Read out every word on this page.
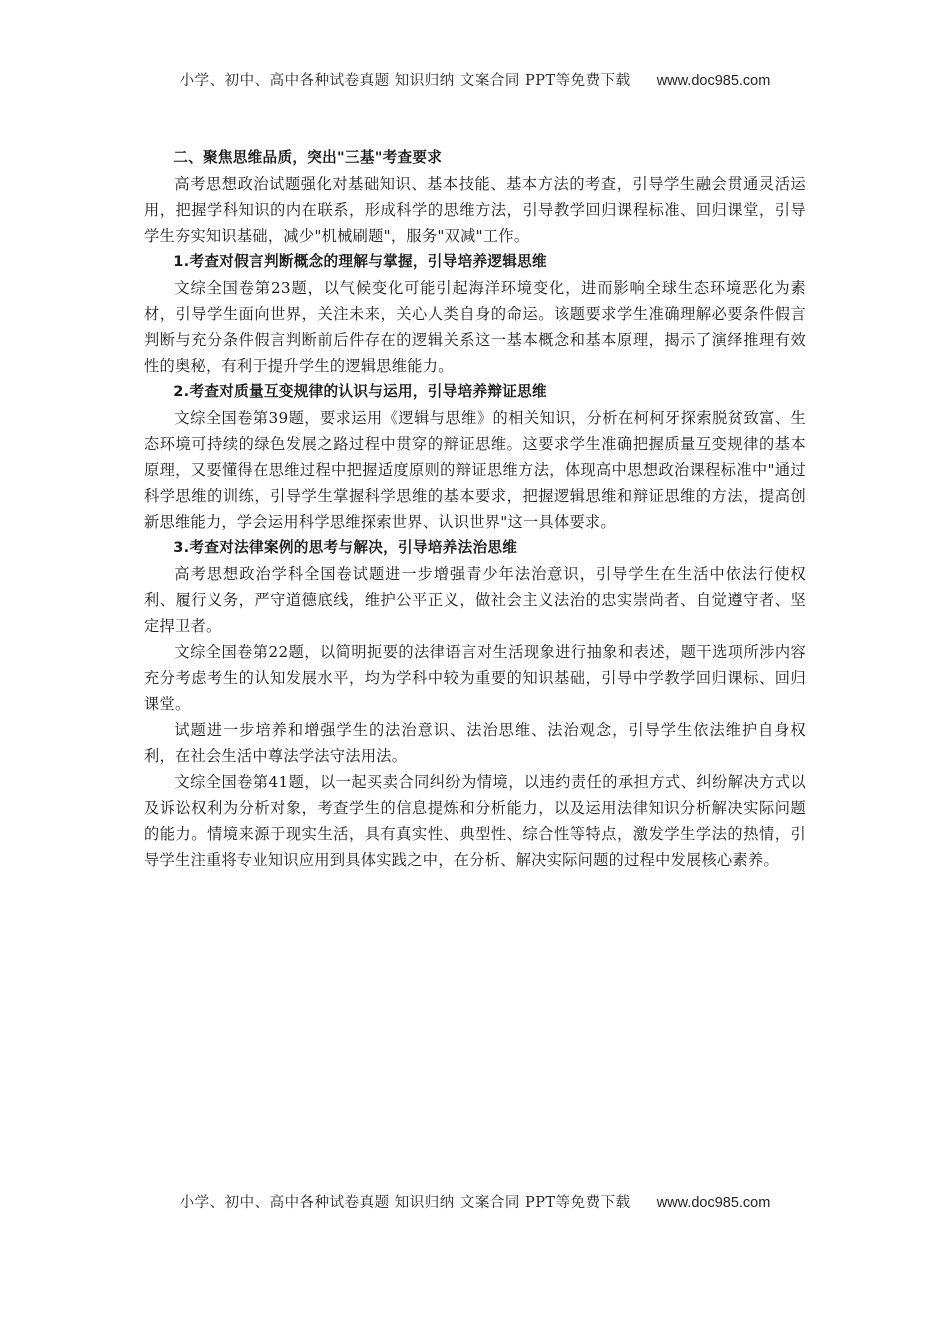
小学、初中、高中各种试卷真题 知识归纳 文案合同 PPT等免费下载 www.doc985.com

二、聚焦思维品质，突出"三基"考查要求

高考思想政治试题强化对基础知识、基本技能、基本方法的考查，引导学生融会贯通灵活运用，把握学科知识的内在联系，形成科学的思维方法，引导教学回归课程标准、回归课堂，引导学生夯实知识基础，减少"机械刷题"，服务"双减"工作。

1.考查对假言判断概念的理解与掌握，引导培养逻辑思维

文综全国卷第23题，以气候变化可能引起海洋环境变化，进而影响全球生态环境恶化为素材，引导学生面向世界，关注未来，关心人类自身的命运。该题要求学生准确理解必要条件假言判断与充分条件假言判断前后件存在的逻辑关系这一基本概念和基本原理，揭示了演绎推理有效性的奥秘，有利于提升学生的逻辑思维能力。

2.考查对质量互变规律的认识与运用，引导培养辩证思维

文综全国卷第39题，要求运用《逻辑与思维》的相关知识，分析在柯柯牙探索脱贫致富、生态环境可持续的绿色发展之路过程中贯穿的辩证思维。这要求学生准确把握质量互变规律的基本原理，又要懂得在思维过程中把握适度原则的辩证思维方法，体现高中思想政治课程标准中"通过科学思维的训练，引导学生掌握科学思维的基本要求，把握逻辑思维和辩证思维的方法，提高创新思维能力，学会运用科学思维探索世界、认识世界"这一具体要求。

3.考查对法律案例的思考与解决，引导培养法治思维

高考思想政治学科全国卷试题进一步增强青少年法治意识，引导学生在生活中依法行使权利、履行义务，严守道德底线，维护公平正义，做社会主义法治的忠实崇尚者、自觉遵守者、坚定捍卫者。

文综全国卷第22题，以简明扼要的法律语言对生活现象进行抽象和表述，题干选项所涉内容充分考虑考生的认知发展水平，均为学科中较为重要的知识基础，引导中学教学回归课标、回归课堂。

试题进一步培养和增强学生的法治意识、法治思维、法治观念，引导学生依法维护自身权利，在社会生活中尊法学法守法用法。

文综全国卷第41题，以一起买卖合同纠纷为情境，以违约责任的承担方式、纠纷解决方式以及诉讼权利为分析对象，考查学生的信息提炼和分析能力，以及运用法律知识分析解决实际问题的能力。情境来源于现实生活，具有真实性、典型性、综合性等特点，激发学生学法的热情，引导学生注重将专业知识应用到具体实践之中，在分析、解决实际问题的过程中发展核心素养。

小学、初中、高中各种试卷真题 知识归纳 文案合同 PPT等免费下载 www.doc985.com
